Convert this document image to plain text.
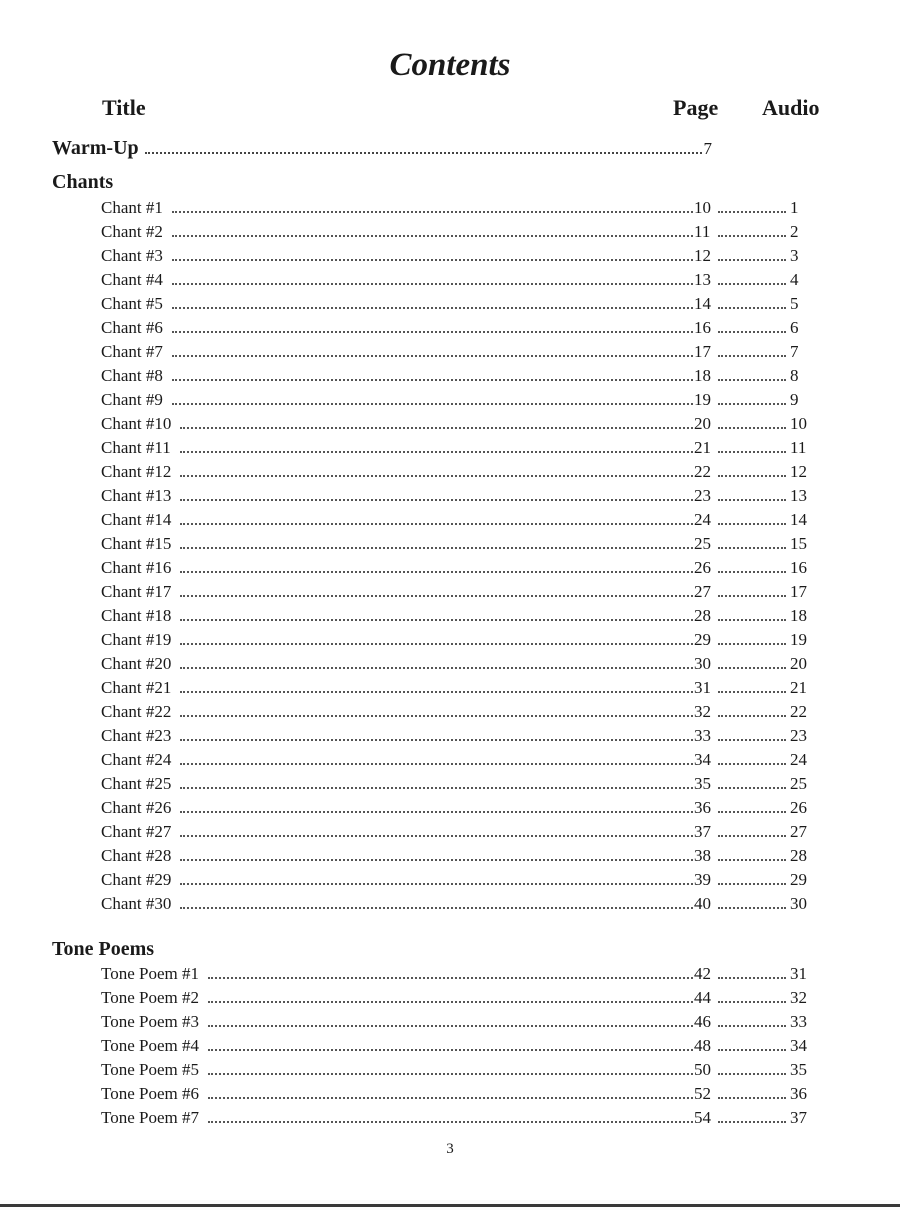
Contents
Title	Page Audio
Warm-Up	7
Chants
Chant #1	10	1
Chant #2	11	2
Chant #3	12	3
Chant #4	13	4
Chant #5	14	5
Chant #6	16	6
Chant #7	17	7
Chant #8	18	8
Chant #9	19	9
Chant #10	20	10
Chant #11	21	11
Chant #12	22	12
Chant #13	23	13
Chant #14	24	14
Chant #15	25	15
Chant #16	26	16
Chant #17	27	17
Chant #18	28	18
Chant #19	29	19
Chant #20	30	20
Chant #21	31	21
Chant #22	32	22
Chant #23	33	23
Chant #24	34	24
Chant #25	35	25
Chant #26	36	26
Chant #27	37	27
Chant #28	38	28
Chant #29	39	29
Chant #30	40	30
Tone Poems
Tone Poem #1	42	31
Tone Poem #2	44	32
Tone Poem #3	46	33
Tone Poem #4	48	34
Tone Poem #5	50	35
Tone Poem #6	52	36
Tone Poem #7	54	37
3
